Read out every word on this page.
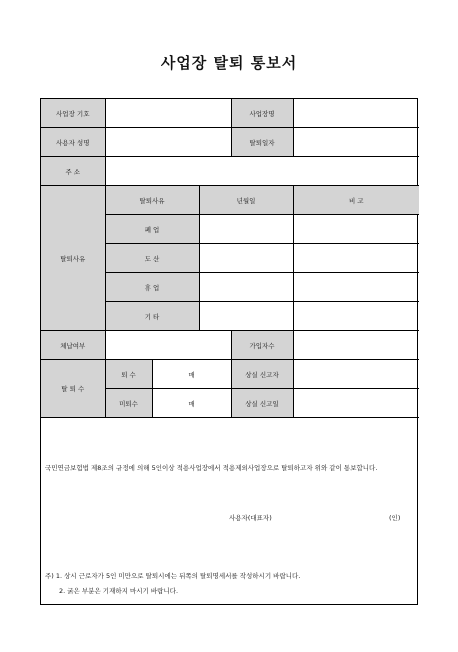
사업장 탈퇴 통보서
사업장 기호				사업장명	
사용자 성명				탈퇴일자	
주 소					
탈퇴사유	탈퇴사유		년월일		비 고
	폐 업				
	도 산				
	휴 업				
	기 타				
체납여부				가입자수	
탈 퇴 수	퇴 수	매		상실 신고자	
	미퇴수	매		상실 신고일	
국민연금보험법 제8조의 규정에 의해 5인이상 적용사업장에서 적용제외사업장으로 탈퇴하고자 위와 같이 통보합니다.
사용자(대표자)	(인)
주) 1. 상시 근로자가 5인 미만으로 탈퇴시에는 뒤쪽의 탈퇴명세서를 작성하시기 바랍니다.
2. 굵은 부분은 기재하지 마시기 바랍니다.
